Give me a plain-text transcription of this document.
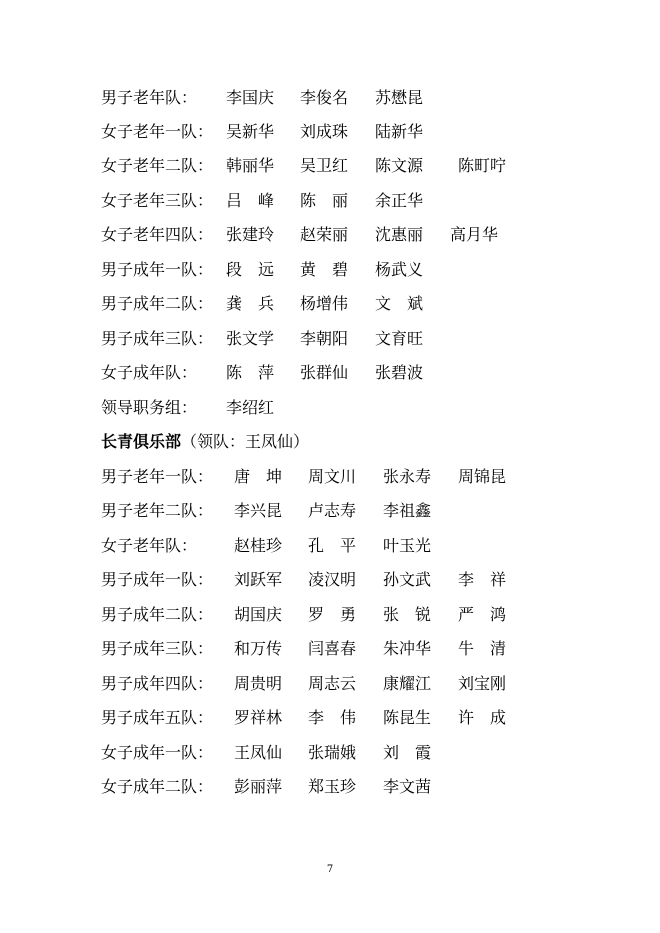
男子老年队： 李国庆 李俊名 苏懋昆
女子老年一队： 吴新华 刘成珠 陆新华
女子老年二队： 韩丽华 吴卫红 陈文源 陈町咛
女子老年三队： 吕　峰 陈　丽 余正华
女子老年四队： 张建玲 赵荣丽 沈惠丽 高月华
男子成年一队： 段　远 黄　碧 杨武义
男子成年二队： 龚　兵 杨增伟 文　斌
男子成年三队： 张文学 李朝阳 文育旺
女子成年队： 陈　萍 张群仙 张碧波
领导职务组： 李绍红
长青俱乐部（领队：王凤仙）
男子老年一队： 唐　坤 周文川 张永寿 周锦昆
男子老年二队： 李兴昆 卢志寿 李祖鑫
女子老年队： 赵桂珍 孔　平 叶玉光
男子成年一队： 刘跃军 凌汉明 孙文武 李　祥
男子成年二队： 胡国庆 罗　勇 张　锐 严　鸿
男子成年三队： 和万传 闫喜春 朱冲华 牛　清
男子成年四队： 周贵明 周志云 康耀江 刘宝刚
男子成年五队： 罗祥林 李　伟 陈昆生 许　成
女子成年一队： 王凤仙 张瑞娥 刘　霞
女子成年二队： 彭丽萍 郑玉珍 李文茜
7
